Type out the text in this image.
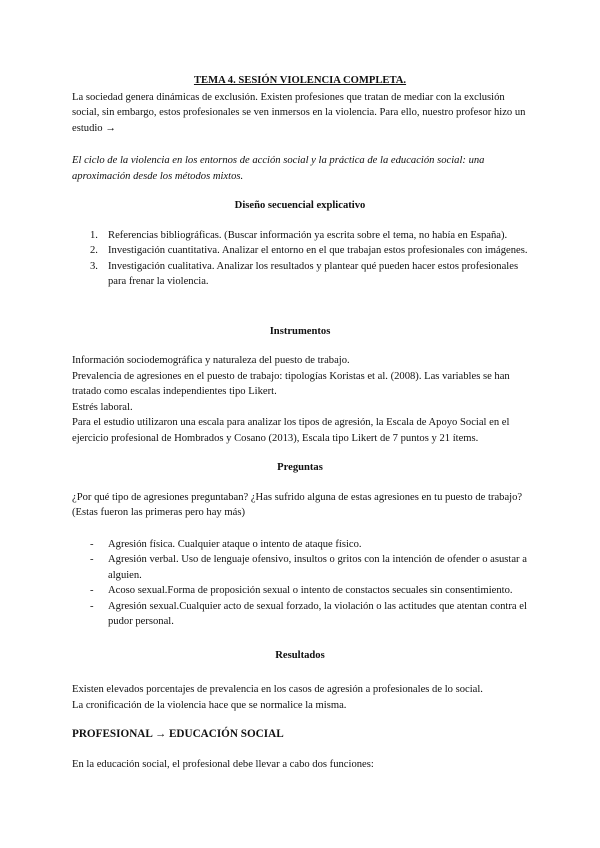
TEMA 4. SESIÓN VIOLENCIA COMPLETA.

La sociedad genera dinámicas de exclusión. Existen profesiones que tratan de mediar con la exclusión social, sin embargo, estos profesionales se ven inmersos en la violencia. Para ello, nuestro profesor hizo un estudio →

El ciclo de la violencia en los entornos de acción social y la práctica de la educación social: una aproximación desde los métodos mixtos.

Diseño secuencial explicativo

1. Referencias bibliográficas. (Buscar información ya escrita sobre el tema, no había en España).
2. Investigación cuantitativa. Analizar el entorno en el que trabajan estos profesionales con imágenes.
3. Investigación cualitativa. Analizar los resultados y plantear qué pueden hacer estos profesionales para frenar la violencia.

Instrumentos

Información sociodemográfica y naturaleza del puesto de trabajo.

Prevalencia de agresiones en el puesto de trabajo: tipologías Koristas et al. (2008). Las variables se han tratado como escalas independientes tipo Likert.

Estrés laboral.

Para el estudio utilizaron una escala para analizar los tipos de agresión, la Escala de Apoyo Social en el ejercicio profesional de Hombrados y Cosano (2013), Escala tipo Likert de 7 puntos y 21 ítems.

Preguntas

¿Por qué tipo de agresiones preguntaban? ¿Has sufrido alguna de estas agresiones en tu puesto de trabajo? (Estas fueron las primeras pero hay más)

- Agresión física. Cualquier ataque o intento de ataque físico.
- Agresión verbal. Uso de lenguaje ofensivo, insultos o gritos con la intención de ofender o asustar a alguien.
- Acoso sexual.Forma de proposición sexual o intento de constactos secuales sin consentimiento.
- Agresión sexual.Cualquier acto de sexual forzado, la violación o las actitudes que atentan contra el pudor personal.

Resultados

Existen elevados porcentajes de prevalencia en los casos de agresión a profesionales de lo social.

La cronificación de la violencia hace que se normalice la misma.

PROFESIONAL → EDUCACIÓN SOCIAL

En la educación social, el profesional debe llevar a cabo dos funciones:
